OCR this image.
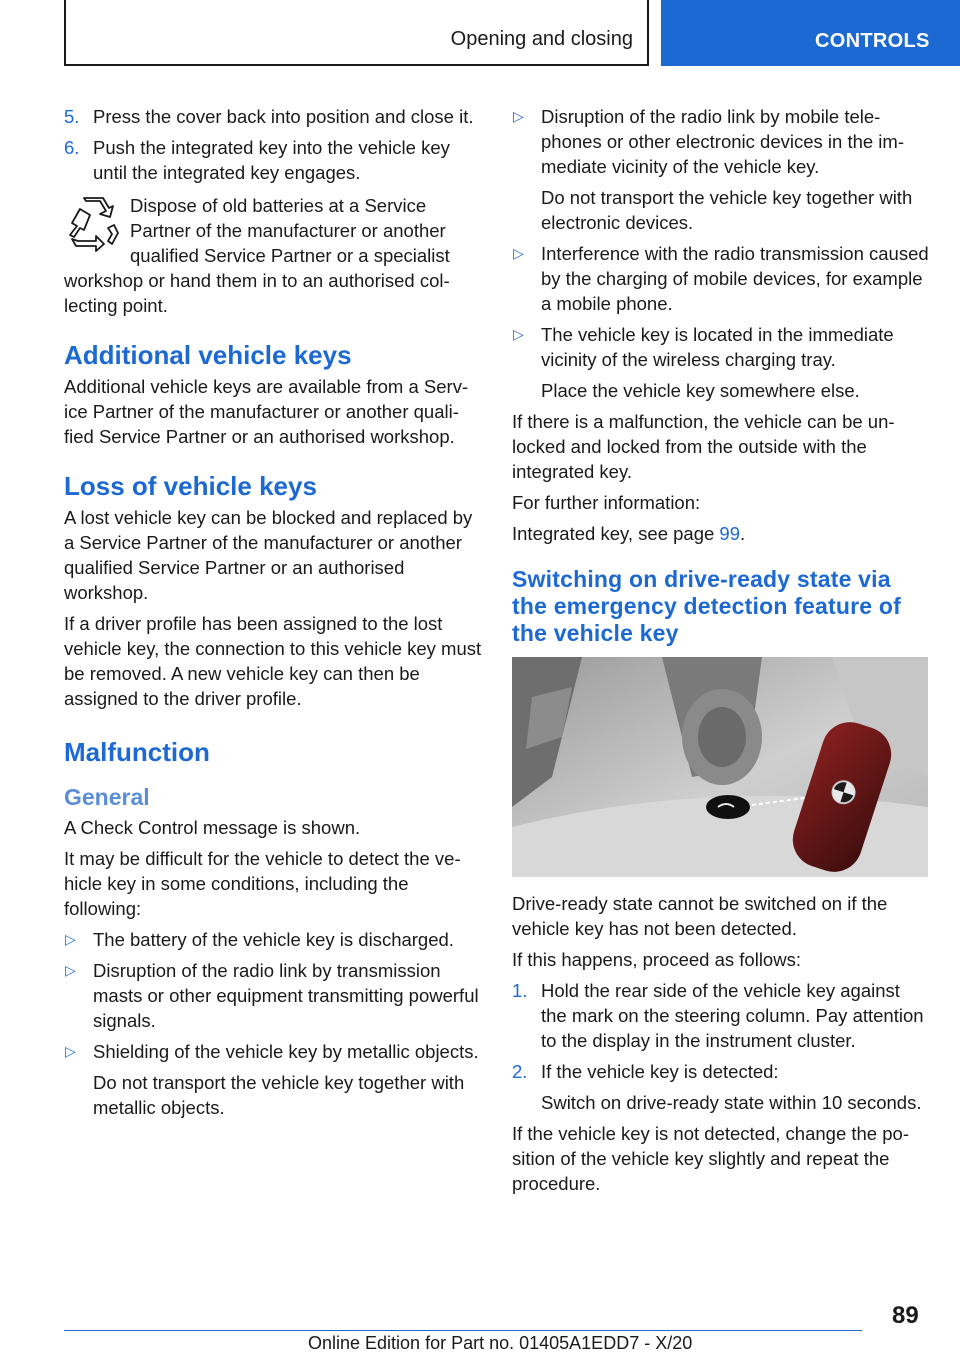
Opening and closing	CONTROLS
5. Press the cover back into position and close it.
6. Push the integrated key into the vehicle key until the integrated key engages.
Dispose of old batteries at a Service Partner of the manufacturer or another qualified Service Partner or a specialist workshop or hand them in to an authorised collecting point.
Additional vehicle keys

Additional vehicle keys are available from a Service Partner of the manufacturer or another qualified Service Partner or an authorised workshop.

Loss of vehicle keys

A lost vehicle key can be blocked and replaced by a Service Partner of the manufacturer or another qualified Service Partner or an authorised workshop.

If a driver profile has been assigned to the lost vehicle key, the connection to this vehicle key must be removed. A new vehicle key can then be assigned to the driver profile.

Malfunction
General

A Check Control message is shown.

It may be difficult for the vehicle to detect the vehicle key in some conditions, including the following:

▷ The battery of the vehicle key is discharged.
▷ Disruption of the radio link by transmission masts or other equipment transmitting powerful signals.
▷ Shielding of the vehicle key by metallic objects.

Do not transport the vehicle key together with metallic objects.

▷ Disruption of the radio link by mobile telephones or other electronic devices in the immediate vicinity of the vehicle key.

Do not transport the vehicle key together with electronic devices.

▷ Interference with the radio transmission caused by the charging of mobile devices, for example a mobile phone.
▷ The vehicle key is located in the immediate vicinity of the wireless charging tray.

Place the vehicle key somewhere else.

If there is a malfunction, the vehicle can be unlocked and locked from the outside with the integrated key.

For further information:

Integrated key, see page 99.

Switching on drive-ready state via the emergency detection feature of the vehicle key

Drive-ready state cannot be switched on if the vehicle key has not been detected.

If this happens, proceed as follows:

1. Hold the rear side of the vehicle key against the mark on the steering column. Pay attention to the display in the instrument cluster.
2. If the vehicle key is detected:

Switch on drive-ready state within 10 seconds.

If the vehicle key is not detected, change the position of the vehicle key slightly and repeat the procedure.

89
Online Edition for Part no. 01405A1EDD7 - X/20
